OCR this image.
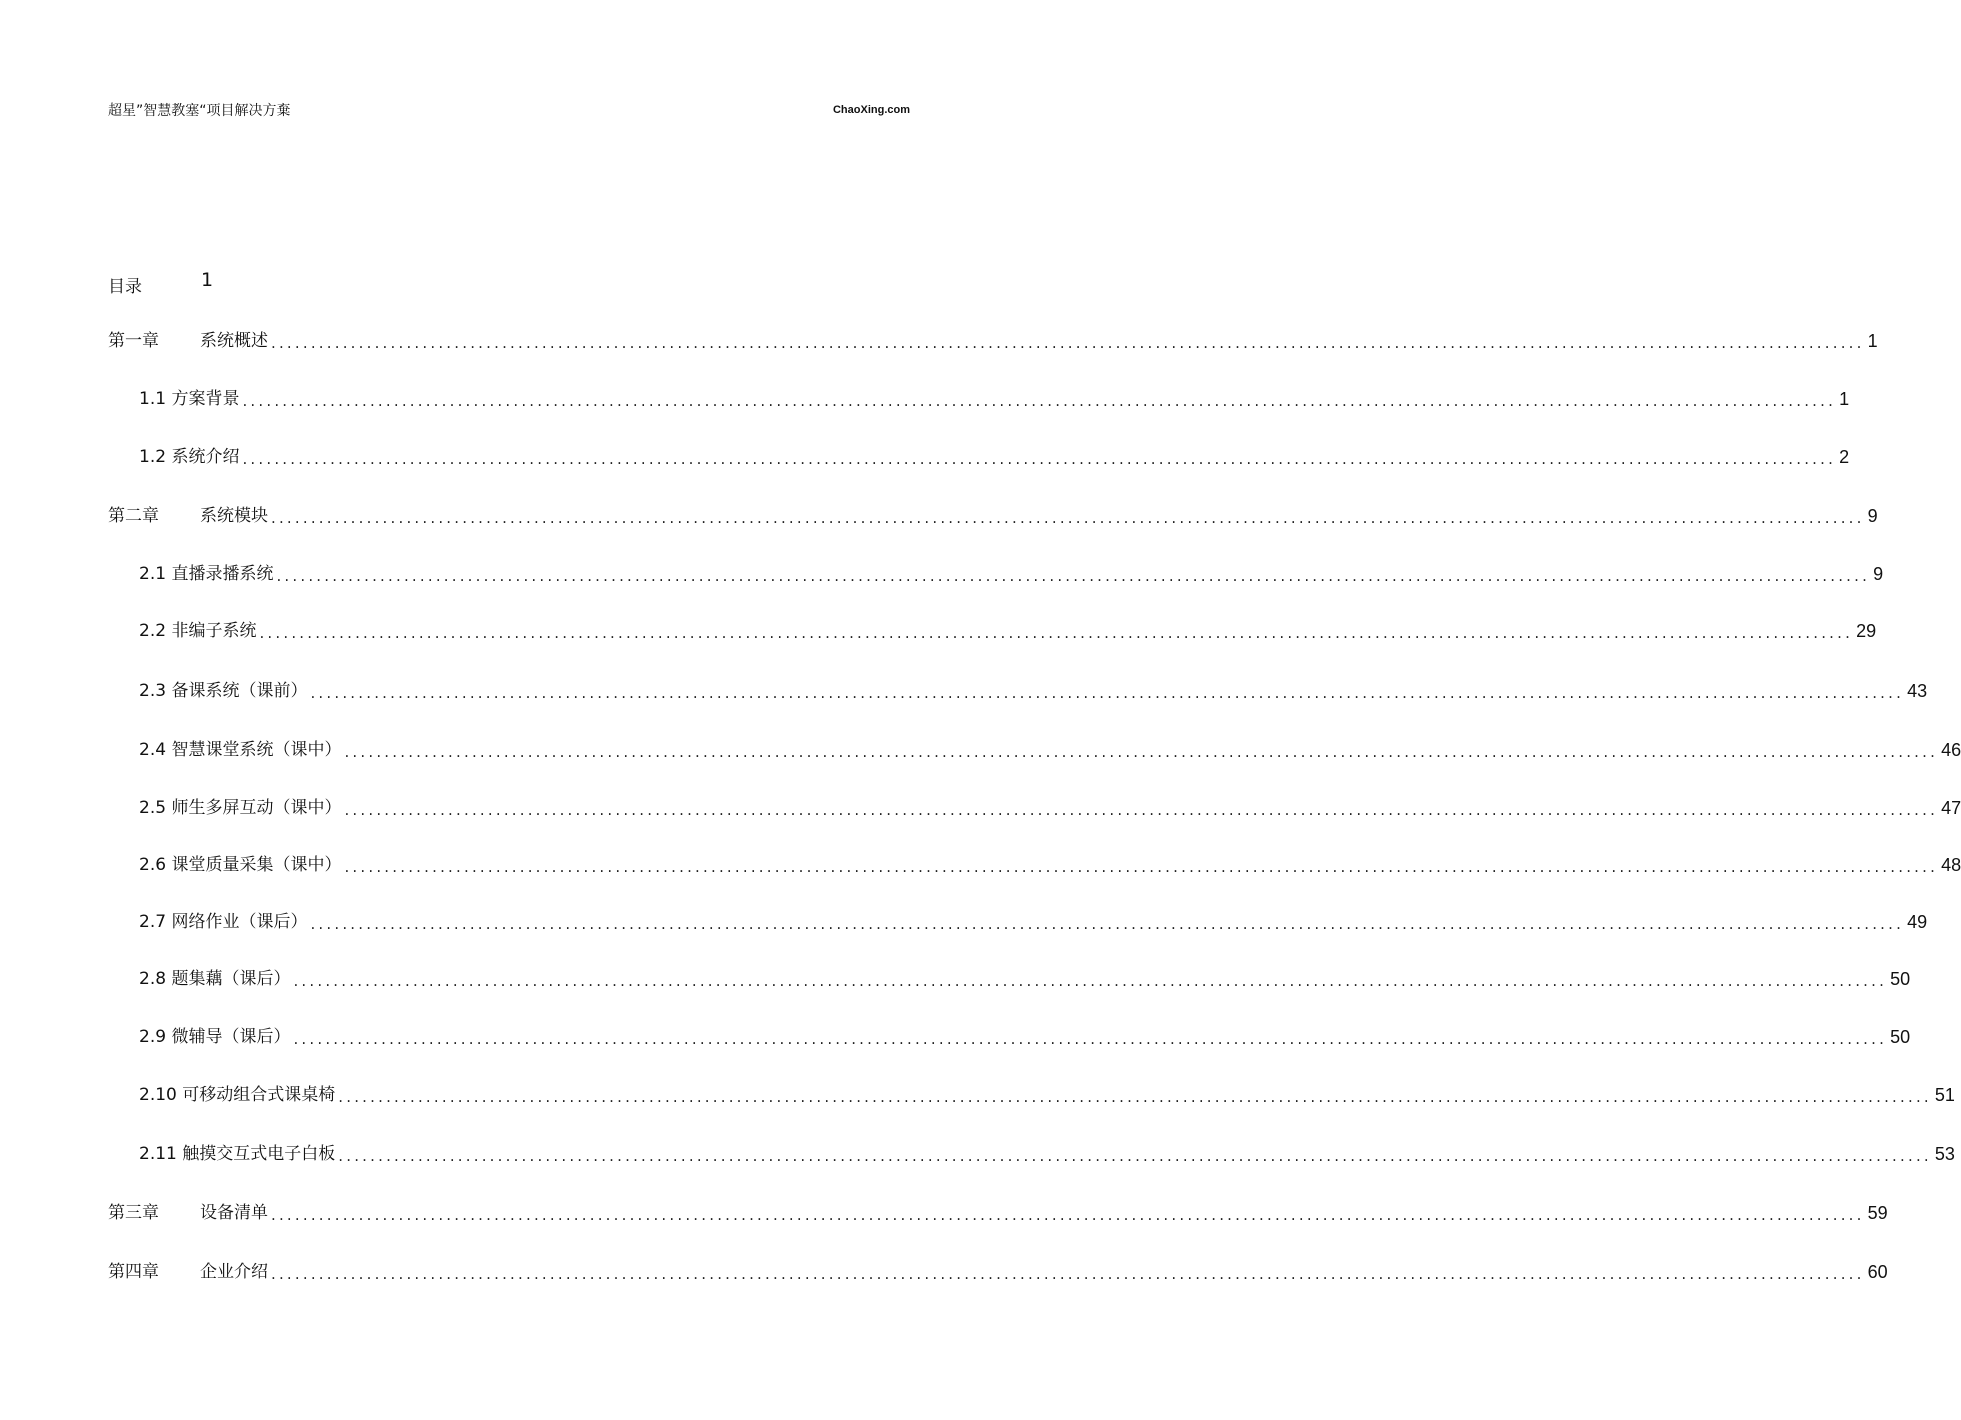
超星”智慧教塞“项目解决方棄	ChaoXing.com
目录	1
第一章	系统概述 ........................................................................................................................................................................................................ 1
1.1 方案背景 ........................................................................................................................................................................................................ 1
1.2 系统介绍 ........................................................................................................................................................................................................ 2
第二章	系统模块 ........................................................................................................................................................................................................ 9
2.1 直播录播系统 ........................................................................................................................................................................................................ 9
2.2 非编子系统 ........................................................................................................................................................................................................ 29
2.3 备课系统（课前） ........................................................................................................................................................................................................ 43
2.4 智慧课堂系统（课中） ........................................................................................................................................................................................................ 46
2.5 师生多屏互动（课中） ........................................................................................................................................................................................................ 47
2.6 课堂质量采集（课中） ........................................................................................................................................................................................................ 48
2.7 网络作业（课后） ........................................................................................................................................................................................................ 49
2.8 题集藕（课后） ........................................................................................................................................................................................................ 50
2.9 微辅导（课后） ........................................................................................................................................................................................................ 50
2.10 可移动组合式课桌椅 ........................................................................................................................................................................................................ 51
2.11 触摸交互式电子白板 ........................................................................................................................................................................................................ 53
第三章	设备清单 ........................................................................................................................................................................................................ 59
第四章	企业介绍 ........................................................................................................................................................................................................ 60
